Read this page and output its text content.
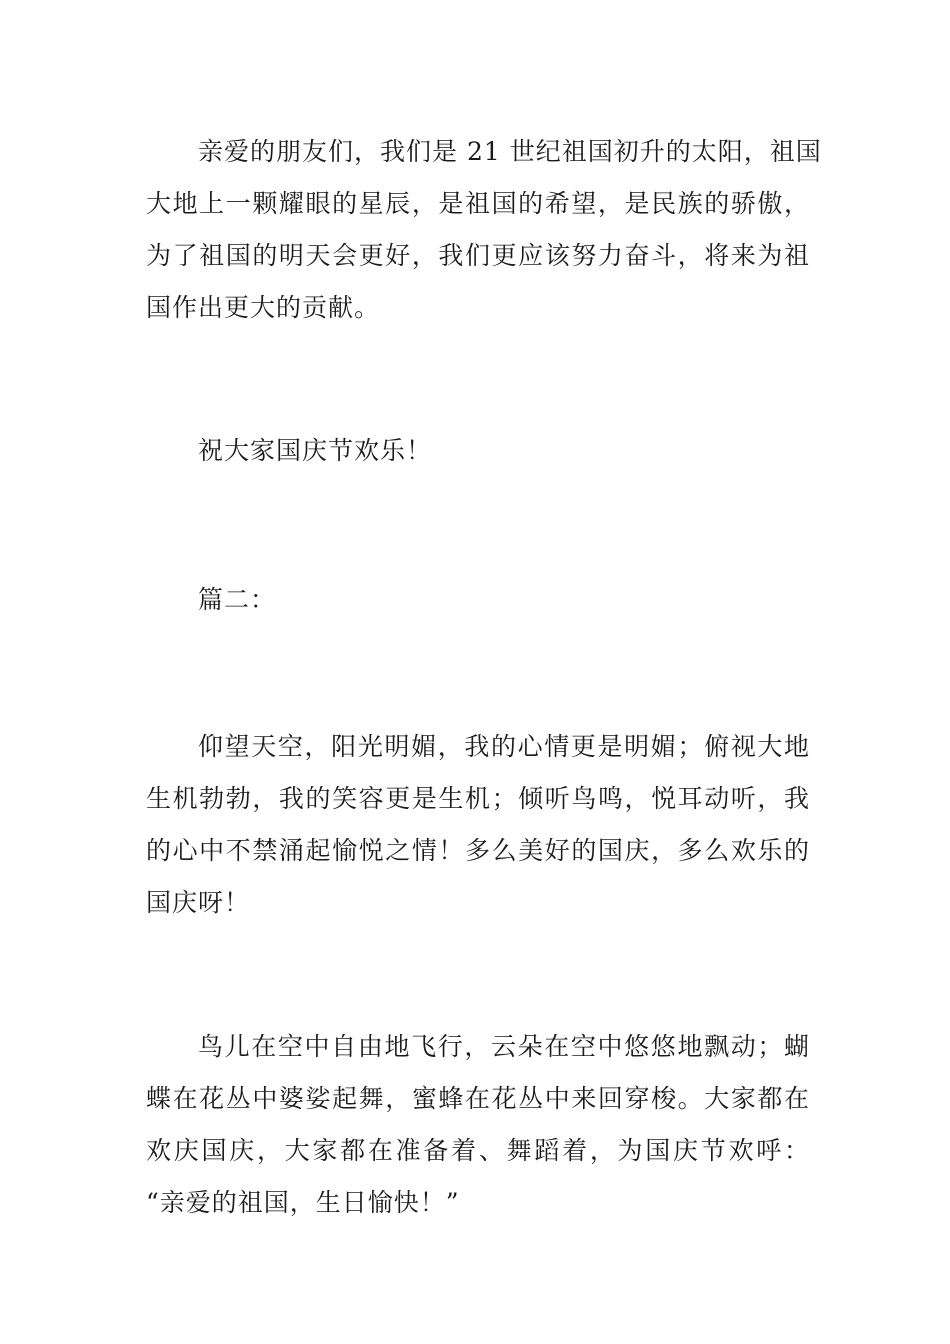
亲爱的朋友们，我们是 21 世纪祖国初升的太阳，祖国
大地上一颗耀眼的星辰，是祖国的希望，是民族的骄傲，
为了祖国的明天会更好，我们更应该努力奋斗，将来为祖
国作出更大的贡献。
祝大家国庆节欢乐！
篇二：
仰望天空，阳光明媚，我的心情更是明媚；俯视大地
生机勃勃，我的笑容更是生机；倾听鸟鸣，悦耳动听，我
的心中不禁涌起愉悦之情！多么美好的国庆，多么欢乐的
国庆呀！
鸟儿在空中自由地飞行，云朵在空中悠悠地飘动；蝴
蝶在花丛中婆娑起舞，蜜蜂在花丛中来回穿梭。大家都在
欢庆国庆，大家都在准备着、舞蹈着，为国庆节欢呼：
“亲爱的祖国，生日愉快！”
